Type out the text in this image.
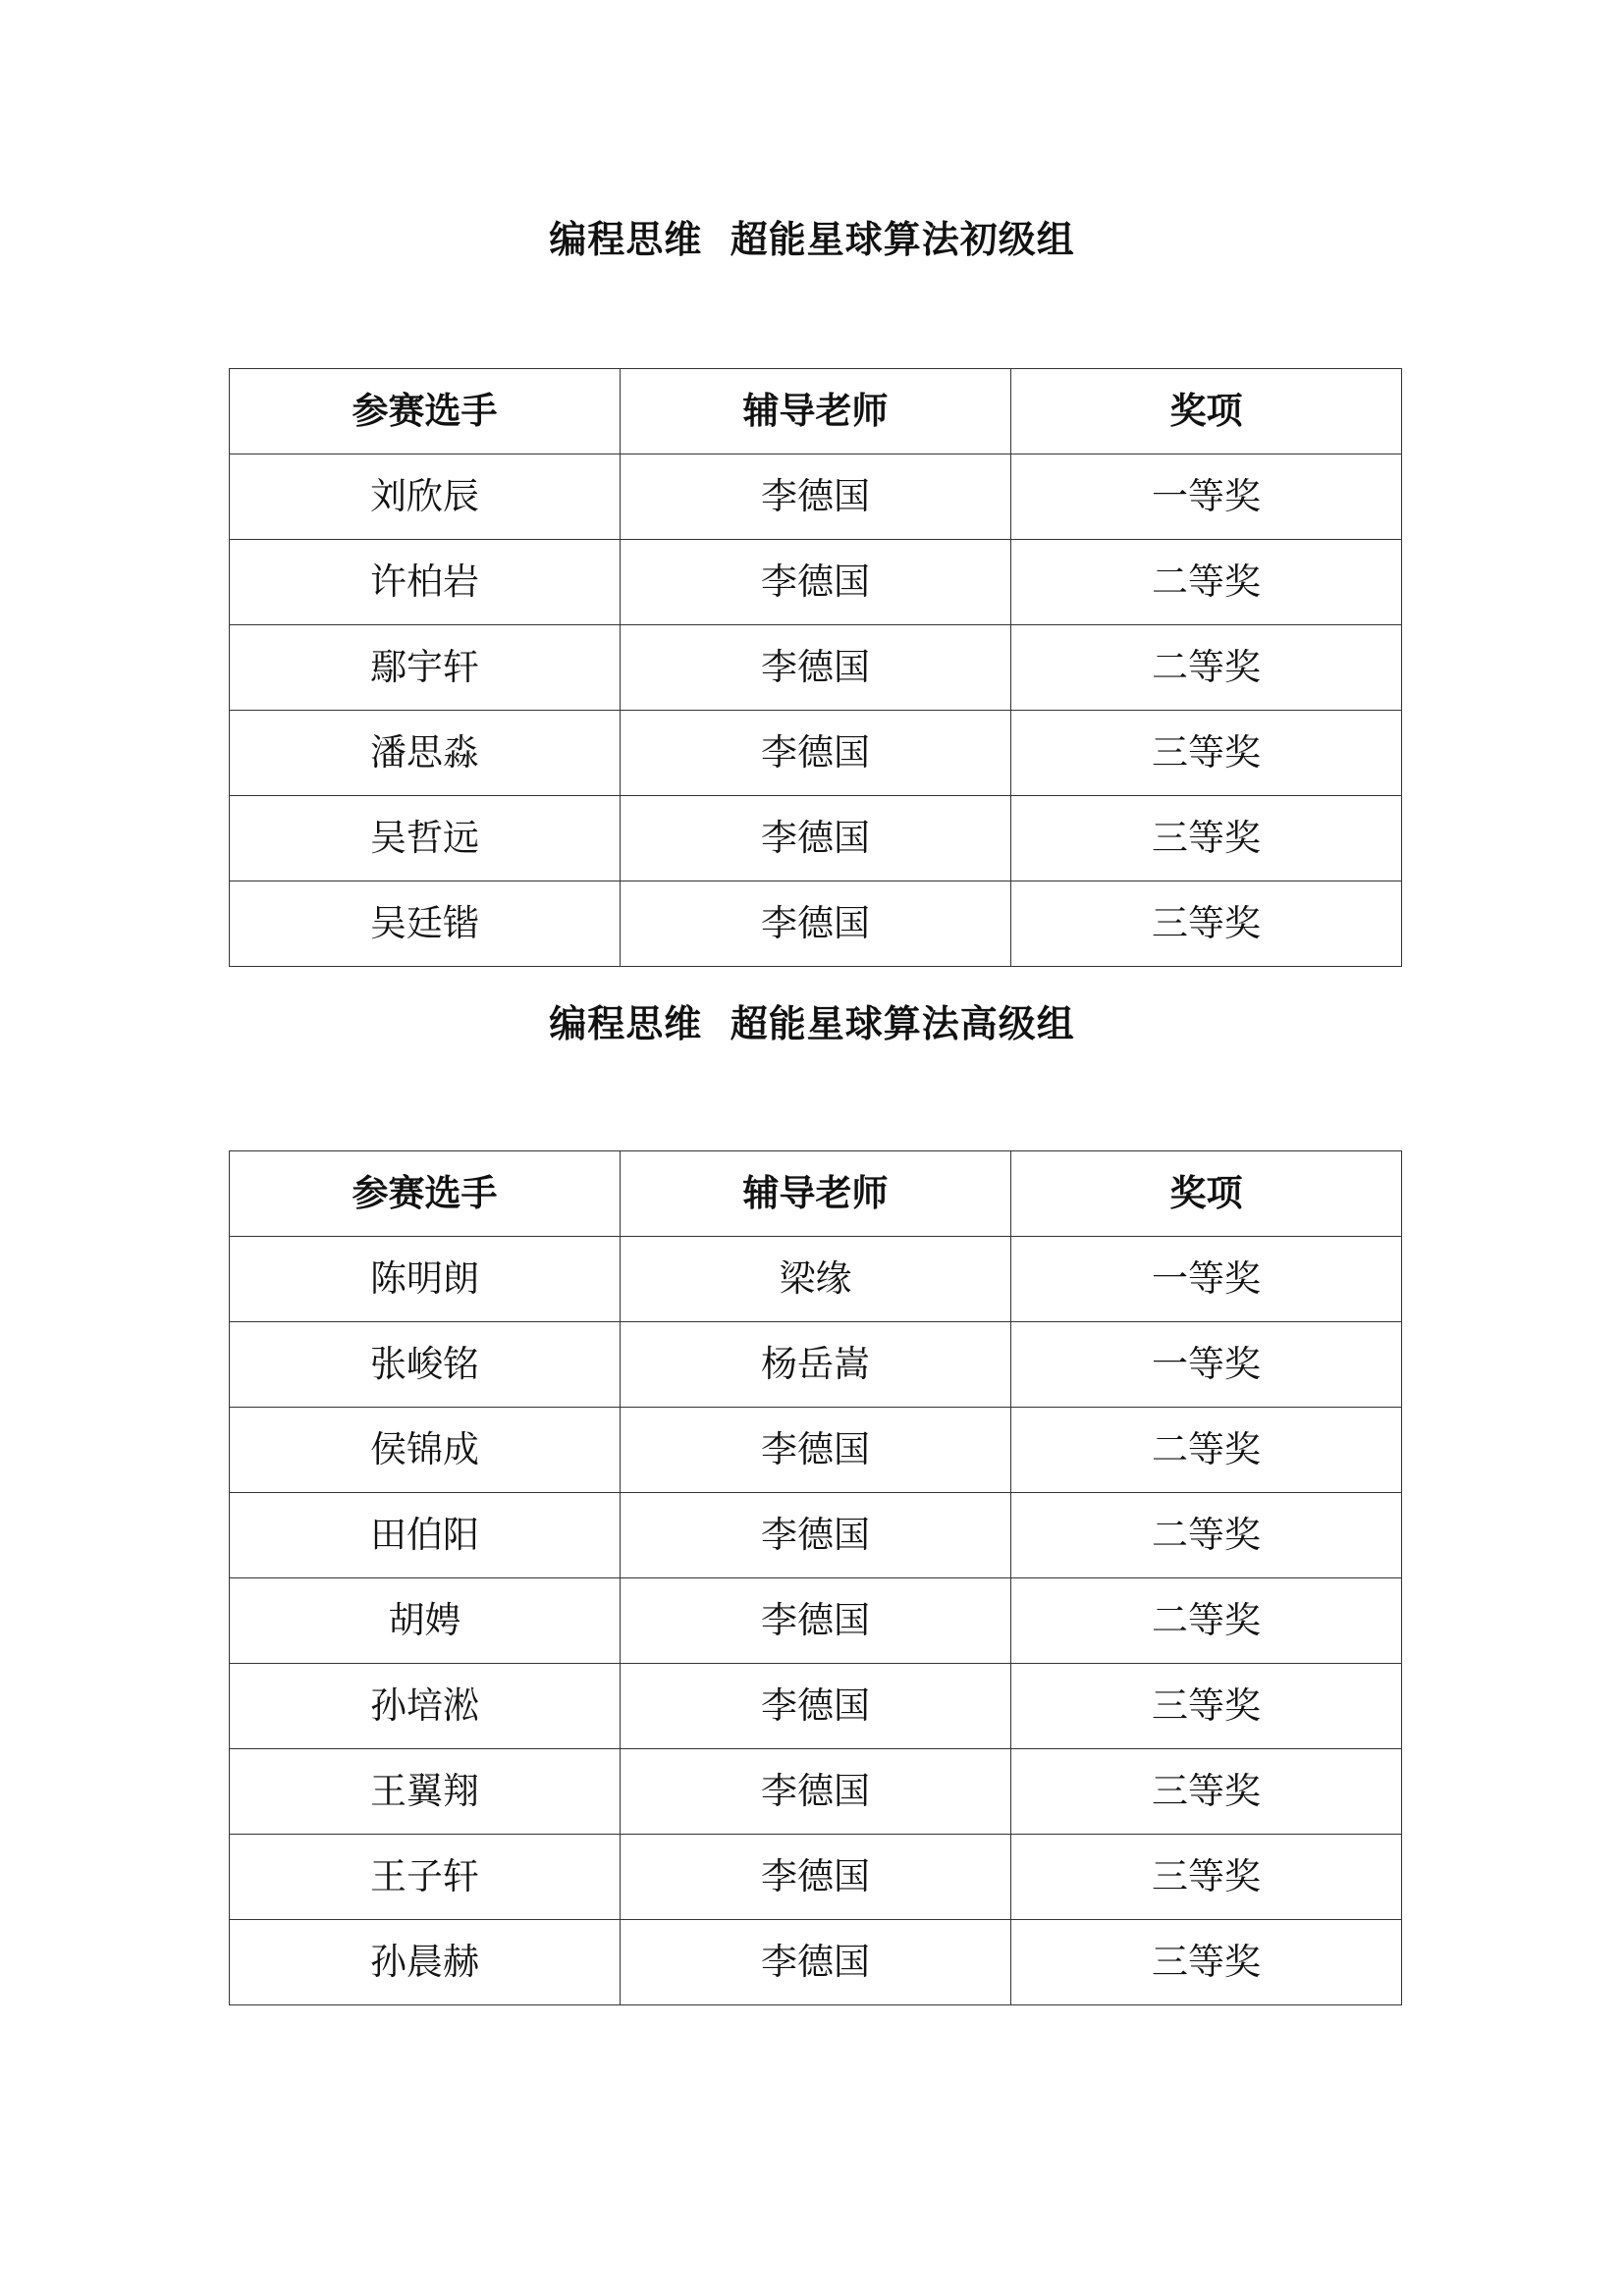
编程思维  超能星球算法初级组
参赛选手	辅导老师	奖项
刘欣辰	李德国	一等奖
许柏岩	李德国	二等奖
鄢宇轩	李德国	二等奖
潘思淼	李德国	三等奖
吴哲远	李德国	三等奖
吴廷锴	李德国	三等奖
编程思维  超能星球算法高级组
参赛选手	辅导老师	奖项
陈明朗	梁缘	一等奖
张峻铭	杨岳嵩	一等奖
侯锦成	李德国	二等奖
田伯阳	李德国	二等奖
胡娉	李德国	二等奖
孙培淞	李德国	三等奖
王翼翔	李德国	三等奖
王子轩	李德国	三等奖
孙晨赫	李德国	三等奖
